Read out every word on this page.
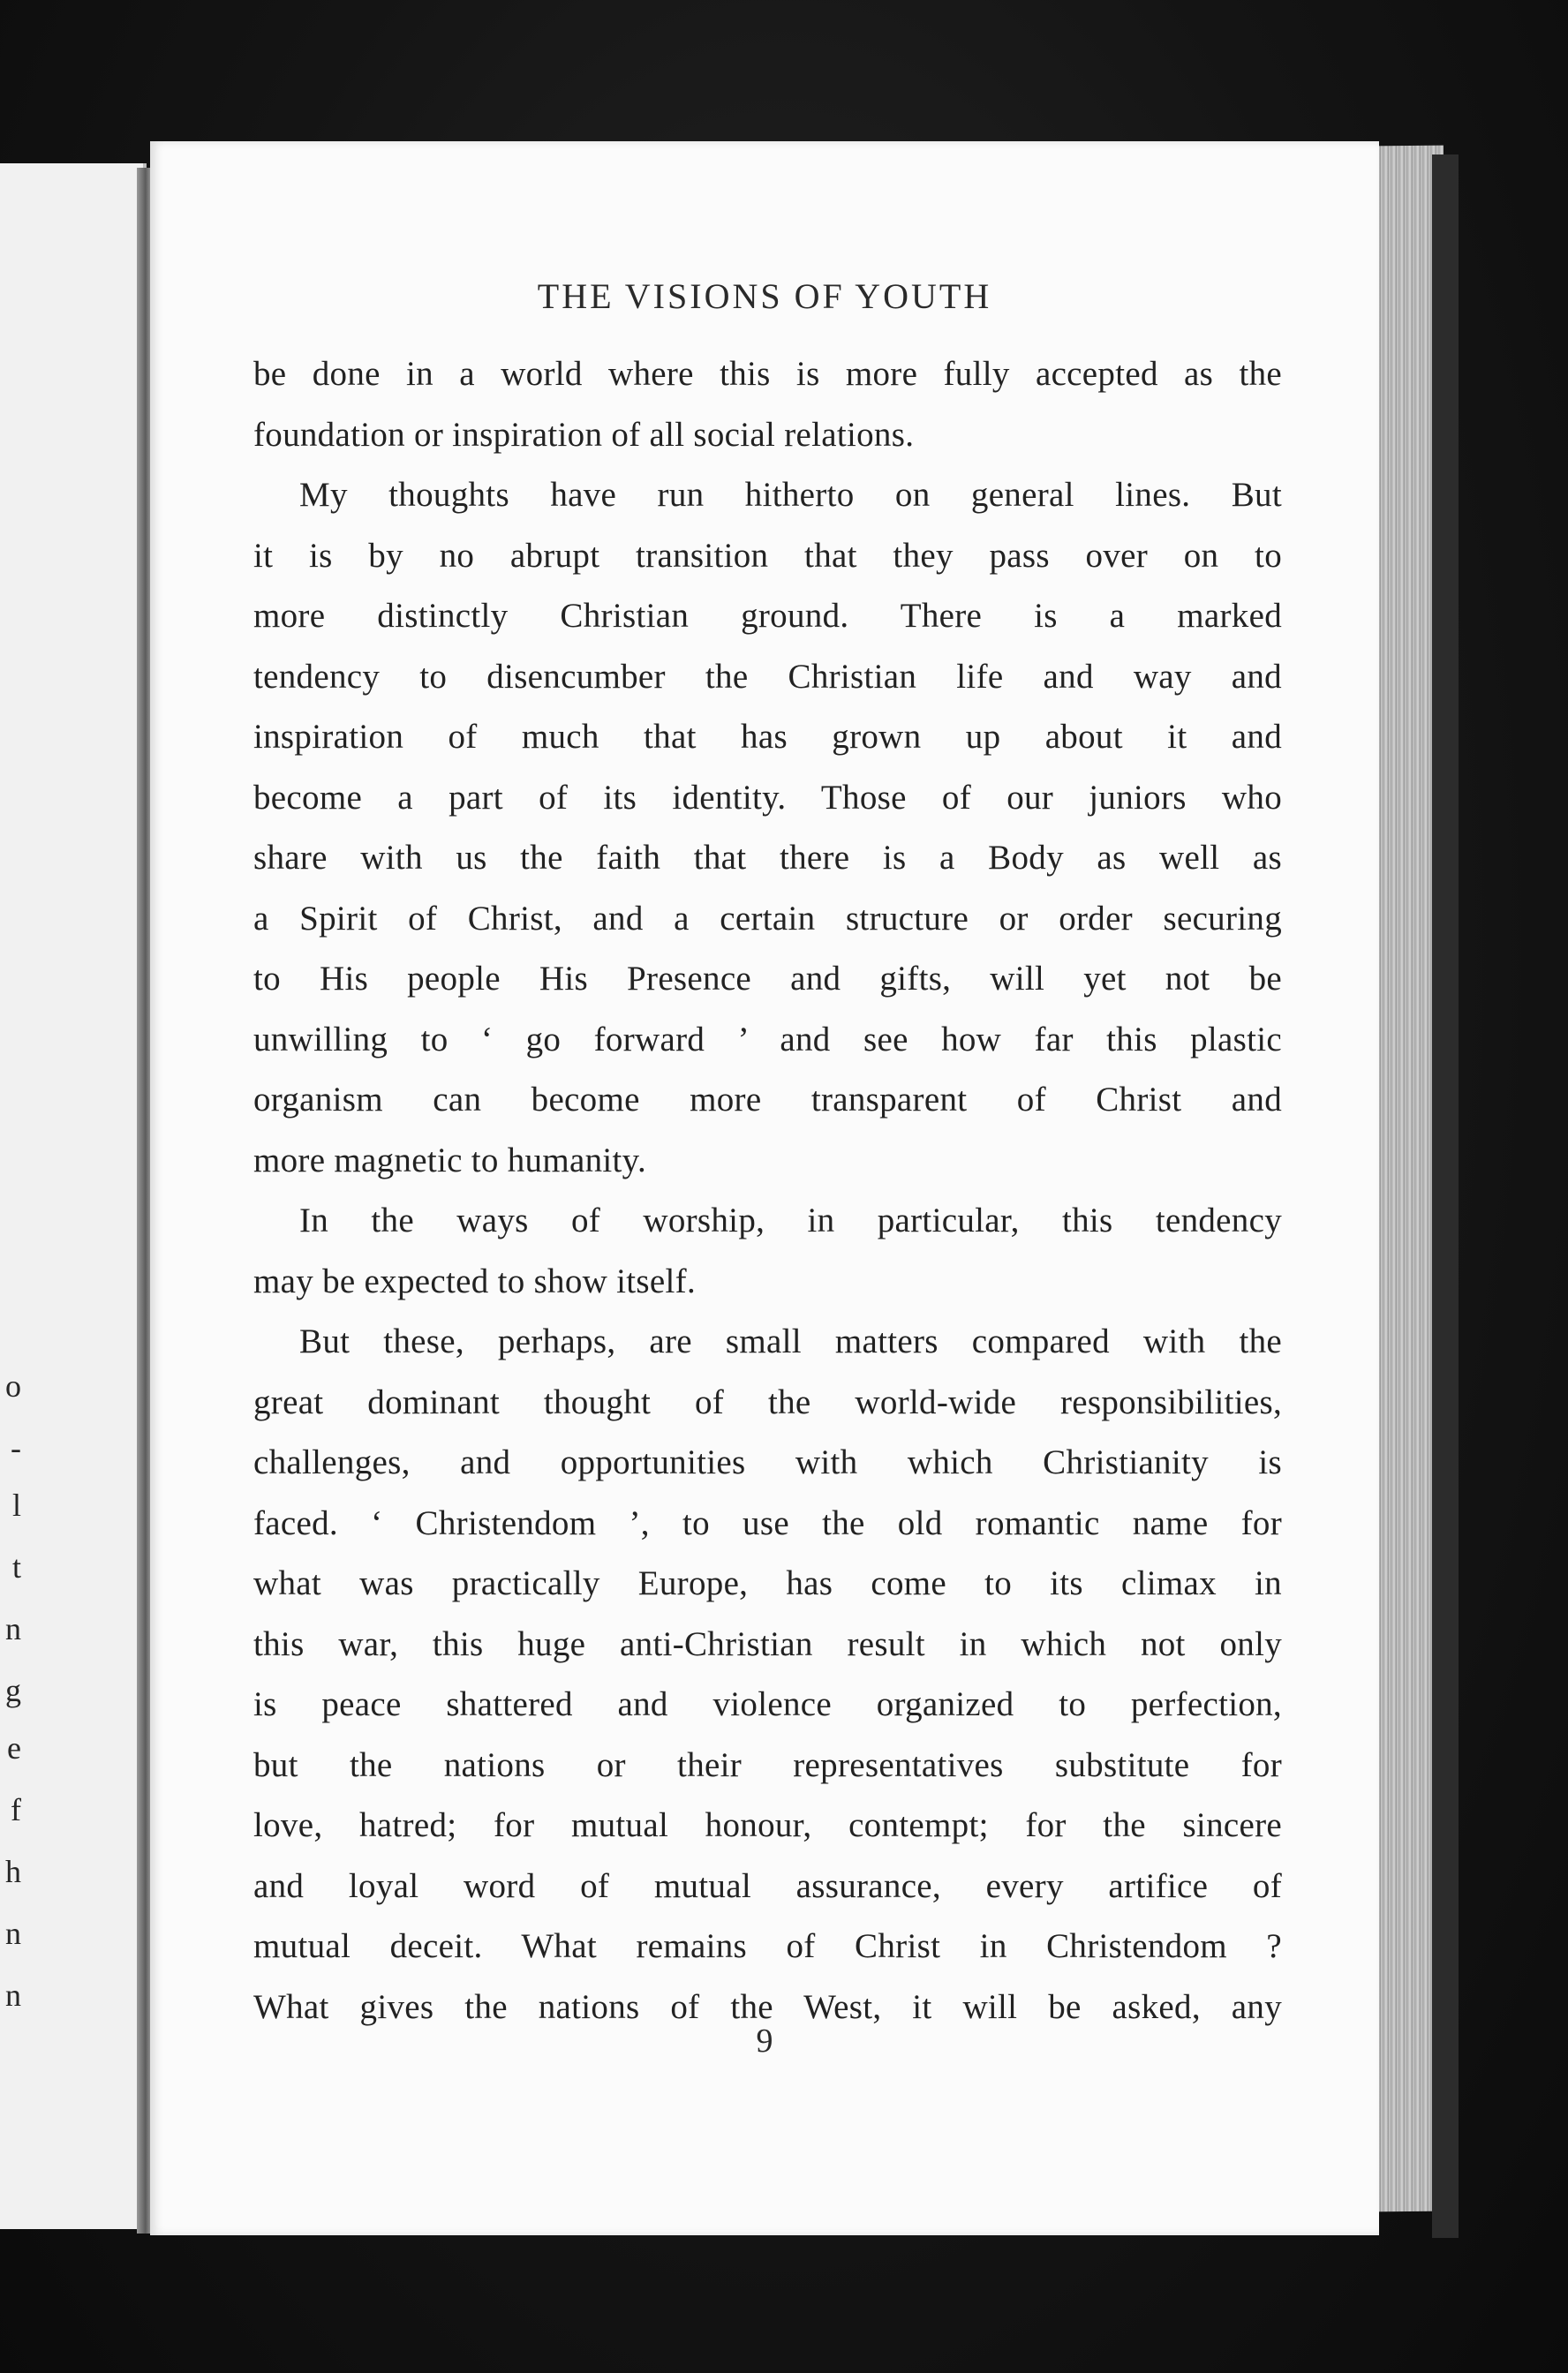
o
-
l
t
n
g
e
f
h
n
n
THE VISIONS OF YOUTH
be done in a world where this is more fully accepted as the
foundation or inspiration of all social relations.
My thoughts have run hitherto on general lines. But
it is by no abrupt transition that they pass over on to
more distinctly Christian ground. There is a marked
tendency to disencumber the Christian life and way and
inspiration of much that has grown up about it and
become a part of its identity. Those of our juniors who
share with us the faith that there is a Body as well as
a Spirit of Christ, and a certain structure or order securing
to His people His Presence and gifts, will yet not be
unwilling to ‘ go forward ’ and see how far this plastic
organism can become more transparent of Christ and
more magnetic to humanity.
In the ways of worship, in particular, this tendency
may be expected to show itself.
But these, perhaps, are small matters compared with the
great dominant thought of the world-wide responsibilities,
challenges, and opportunities with which Christianity is
faced. ‘ Christendom ’, to use the old romantic name for
what was practically Europe, has come to its climax in
this war, this huge anti-Christian result in which not only
is peace shattered and violence organized to perfection,
but the nations or their representatives substitute for
love, hatred; for mutual honour, contempt; for the sincere
and loyal word of mutual assurance, every artifice of
mutual deceit. What remains of Christ in Christendom ?
What gives the nations of the West, it will be asked, any
9
